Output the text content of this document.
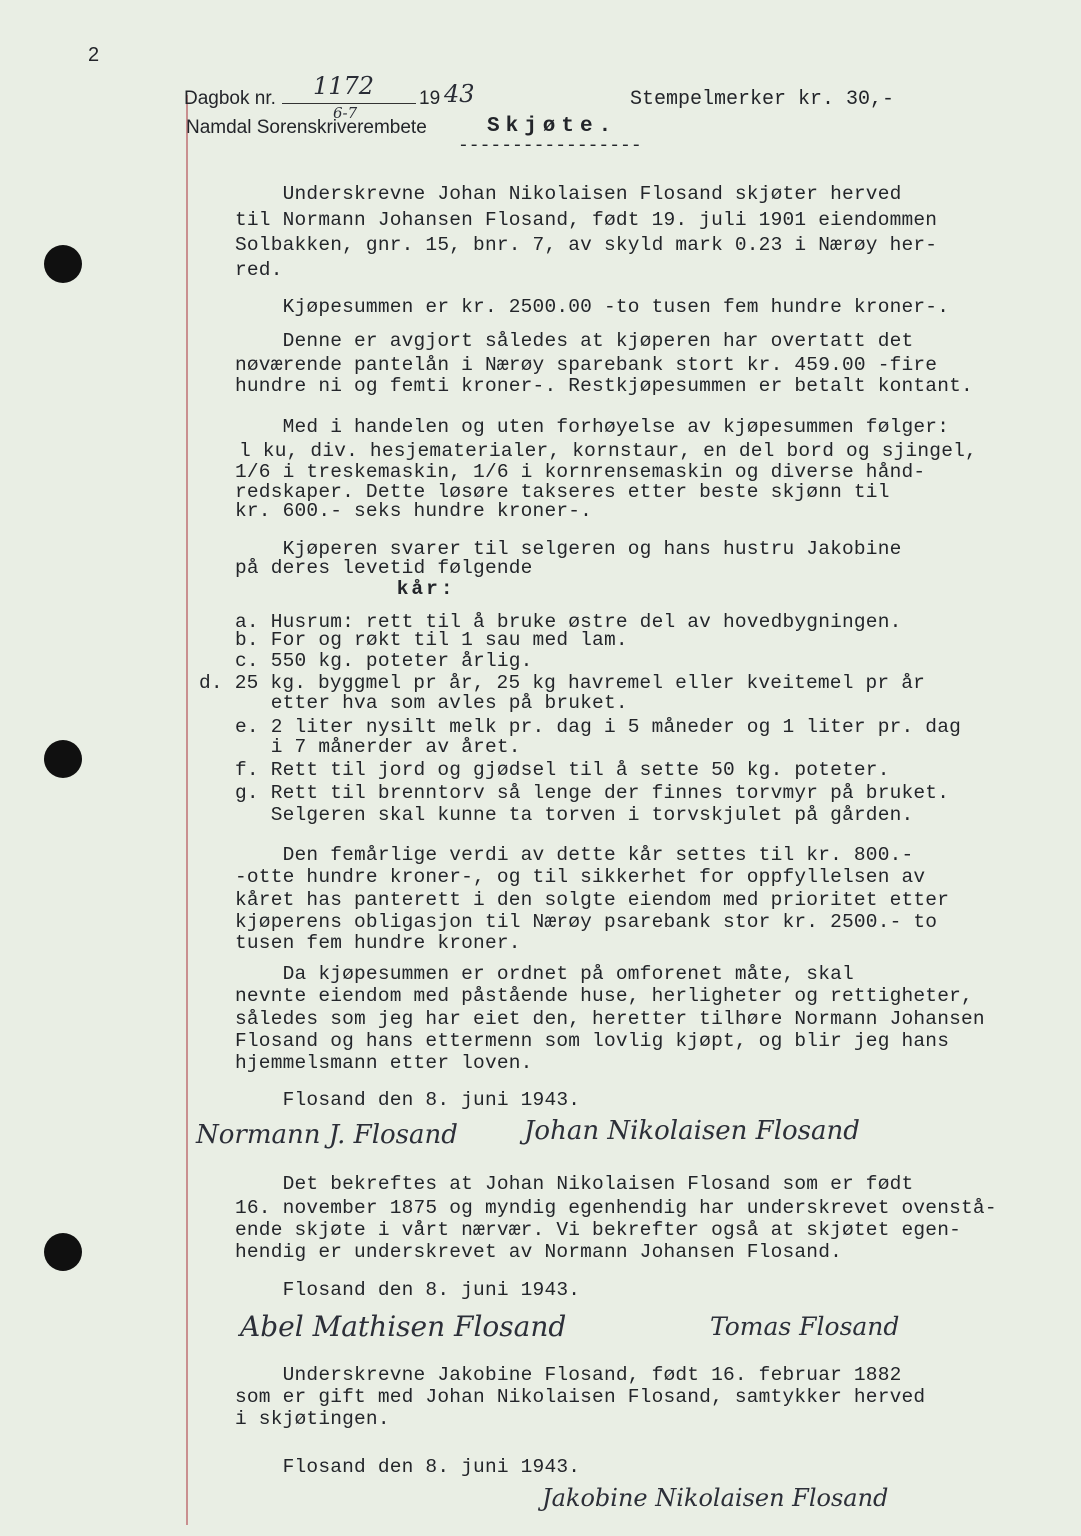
2
Dagbok nr. 1172
6-7
19 43	Stempelmerker kr. 30,-
Namdal Sorenskriverembete	Skjøte.
-----------------
Underskrevne Johan Nikolaisen Flosand skjøter herved
til Normann Johansen Flosand, født 19. juli 1901 eiendommen
Solbakken, gnr. 15, bnr. 7, av skyld mark 0.23 i Nærøy her-
red.
Kjøpesummen er kr. 2500.00 -to tusen fem hundre kroner-.
Denne er avgjort således at kjøperen har overtatt det
nøværende pantelån i Nærøy sparebank stort kr. 459.00 -fire
hundre ni og femti kroner-. Restkjøpesummen er betalt kontant.
Med i handelen og uten forhøyelse av kjøpesummen følger:
l ku, div. hesjematerialer, kornstaur, en del bord og sjingel,
1/6 i treskemaskin, 1/6 i kornrensemaskin og diverse hånd-
redskaper. Dette løsøre takseres etter beste skjønn til
kr. 600.- seks hundre kroner-.
Kjøperen svarer til selgeren og hans hustru Jakobine
på deres levetid følgende
kår:
a. Husrum: rett til å bruke østre del av hovedbygningen.
b. For og røkt til 1 sau med lam.
c. 550 kg. poteter årlig.
d. 25 kg. byggmel pr år, 25 kg havremel eller kveitemel pr år
etter hva som avles på bruket.
e. 2 liter nysilt melk pr. dag i 5 måneder og 1 liter pr. dag
i 7 månerder av året.
f. Rett til jord og gjødsel til å sette 50 kg. poteter.
g. Rett til brenntorv så lenge der finnes torvmyr på bruket.
Selgeren skal kunne ta torven i torvskjulet på gården.
Den femårlige verdi av dette kår settes til kr. 800.-
-otte hundre kroner-, og til sikkerhet for oppfyllelsen av
kåret has panterett i den solgte eiendom med prioritet etter
kjøperens obligasjon til Nærøy psarebank stor kr. 2500.- to
tusen fem hundre kroner.
Da kjøpesummen er ordnet på omforenet måte, skal
nevnte eiendom med påstående huse, herligheter og rettigheter,
således som jeg har eiet den, heretter tilhøre Normann Johansen
Flosand og hans ettermenn som lovlig kjøpt, og blir jeg hans
hjemmelsmann etter loven.
Flosand den 8. juni 1943.
Det bekreftes at Johan Nikolaisen Flosand som er født
16. november 1875 og myndig egenhendig har underskrevet ovenstå-
ende skjøte i vårt nærvær. Vi bekrefter også at skjøtet egen-
hendig er underskrevet av Normann Johansen Flosand.
Flosand den 8. juni 1943.
Underskrevne Jakobine Flosand, født 16. februar 1882
som er gift med Johan Nikolaisen Flosand, samtykker herved
i skjøtingen.
Flosand den 8. juni 1943.
Normann J. Flosand	Johan Nikolaisen Flosand
Abel Mathisen Flosand	Tomas Flosand
Jakobine Nikolaisen Flosand
